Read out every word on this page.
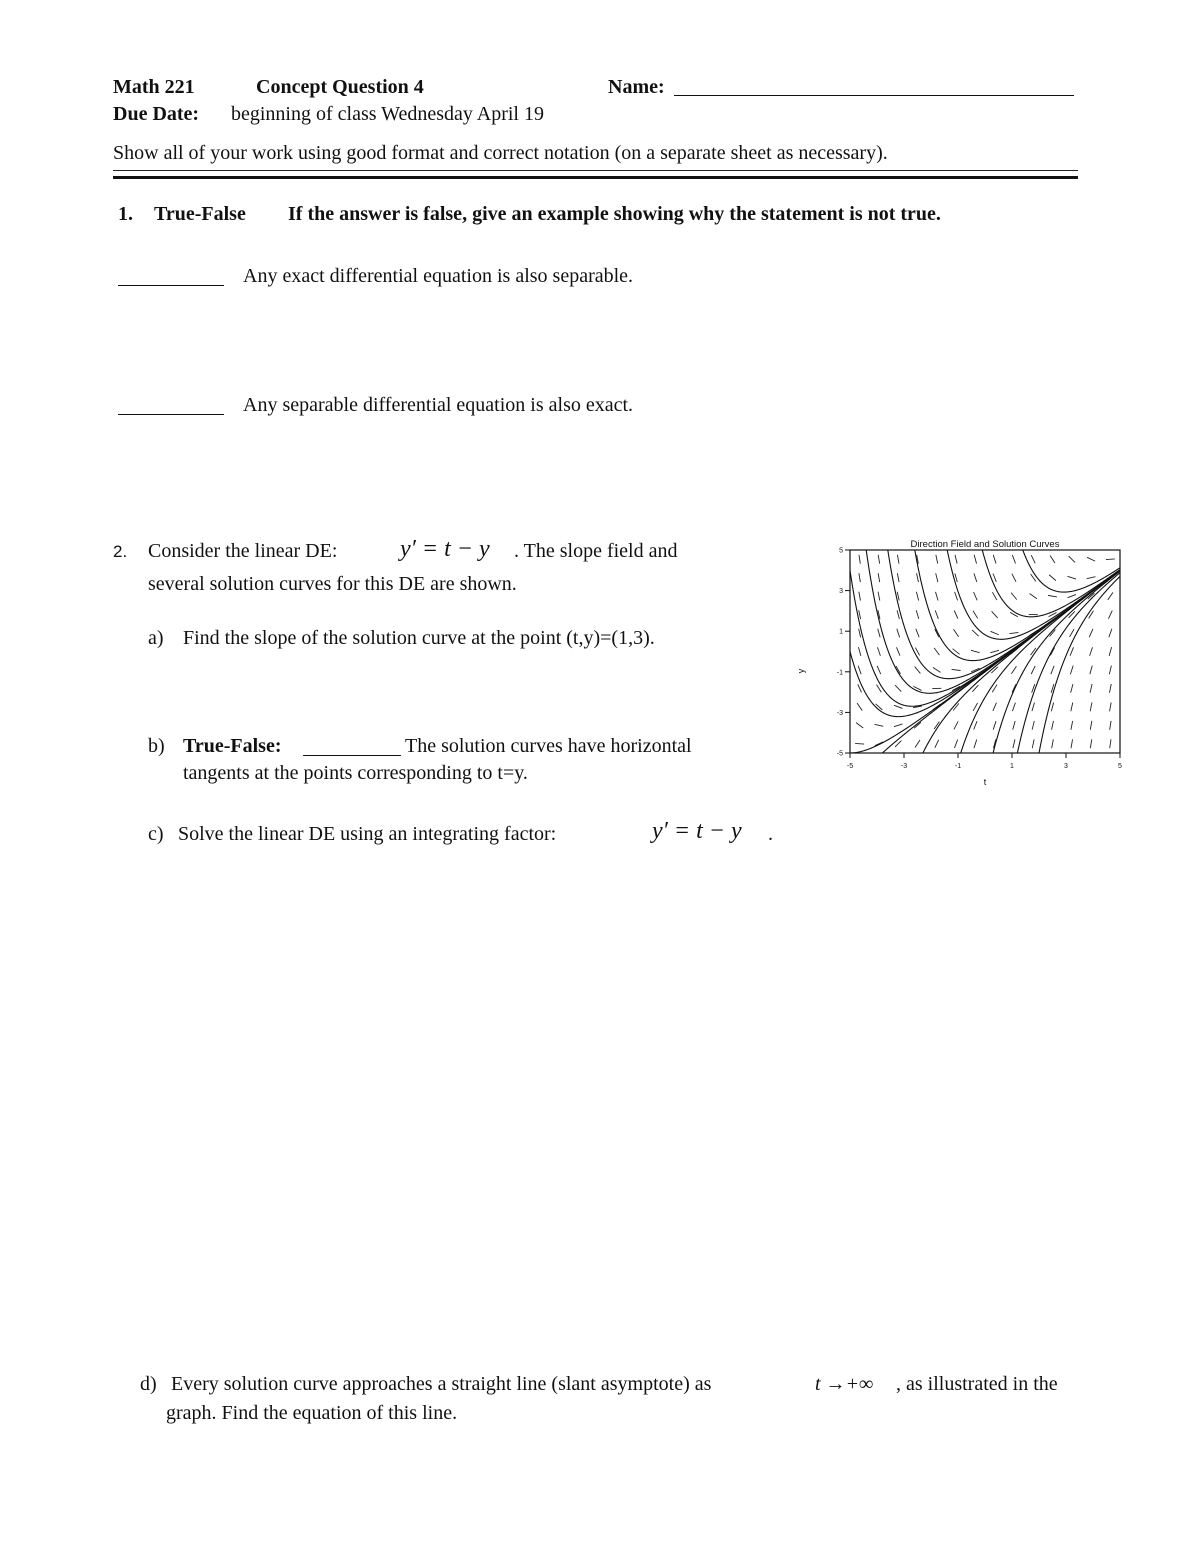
Math 221	Concept Question 4	Name:
Due Date: beginning of class Wednesday April 19
Show all of your work using good format and correct notation (on a separate sheet as necessary).
1. True-False If the answer is false, give an example showing why the statement is not true.
Any exact differential equation is also separable.
Any separable differential equation is also exact.
2. Consider the linear DE:	y′ = t − y . The slope field and
several solution curves for this DE are shown.
a) Find the slope of the solution curve at the point (t,y)=(1,3).
b) True-False:	The solution curves have horizontal
tangents at the points corresponding to t=y.
c) Solve the linear DE using an integrating factor:	y′ = t − y .
d) Every solution curve approaches a straight line (slant asymptote) as	t →+∞ , as illustrated in the
graph. Find the equation of this line.
-5	-3	-1	1	3	5
-5
-3
-1
1
3
5
Direction Field and Solution Curves
t
y
